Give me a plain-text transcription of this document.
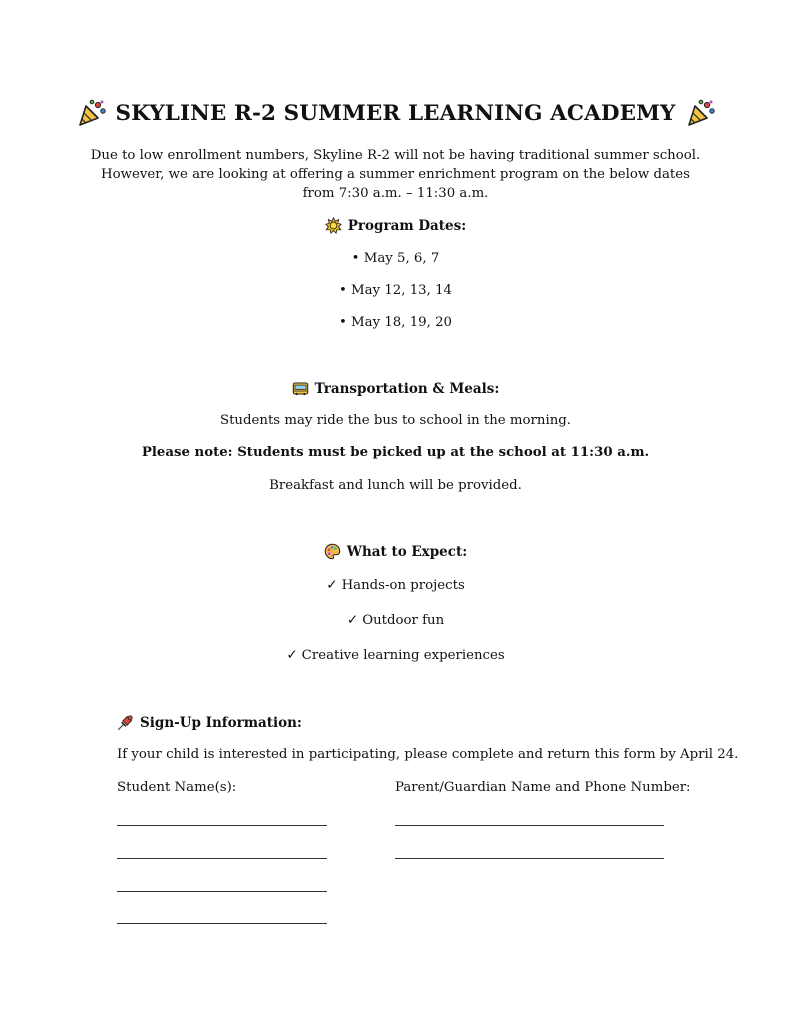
SKYLINE R-2 SUMMER LEARNING ACADEMY
Due to low enrollment numbers, Skyline R-2 will not be having traditional summer school.
However, we are looking at offering a summer enrichment program on the below dates
from 7:30 a.m. – 11:30 a.m.
Program Dates:
• May 5, 6, 7
• May 12, 13, 14
• May 18, 19, 20
Transportation & Meals:
Students may ride the bus to school in the morning.
Please note: Students must be picked up at the school at 11:30 a.m.
Breakfast and lunch will be provided.
What to Expect:
✓ Hands-on projects
✓ Outdoor fun
✓ Creative learning experiences
Sign-Up Information:
If your child is interested in participating, please complete and return this form by April 24.
Student Name(s):	Parent/Guardian Name and Phone Number:
